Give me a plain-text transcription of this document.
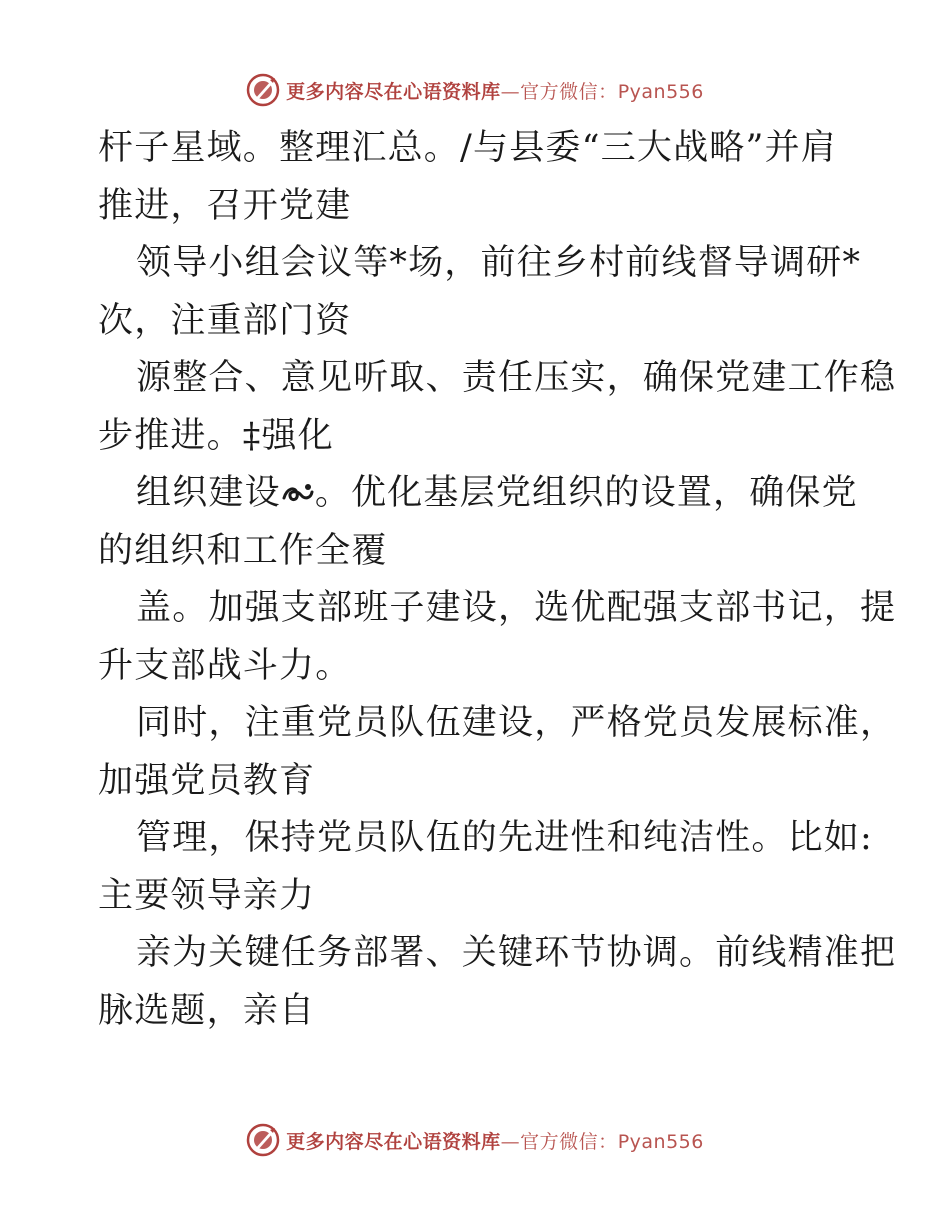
更多内容尽在心语资料库—官方微信：Pyan556
杆子星域。整理汇总。/与县委“三大战略”并肩
推进，召开党建
领导小组会议等*场，前往乡村前线督导调研*
次，注重部门资
源整合、意见听取、责任压实，确保党建工作稳
步推进。‡强化
组织建设 。优化基层党组织的设置，确保党
的组织和工作全覆
盖。加强支部班子建设，选优配强支部书记，提
升支部战斗力。
同时，注重党员队伍建设，严格党员发展标准，
加强党员教育
管理，保持党员队伍的先进性和纯洁性。比如:
主要领导亲力
亲为关键任务部署、关键环节协调。前线精准把
脉选题，亲自
更多内容尽在心语资料库—官方微信：Pyan556
